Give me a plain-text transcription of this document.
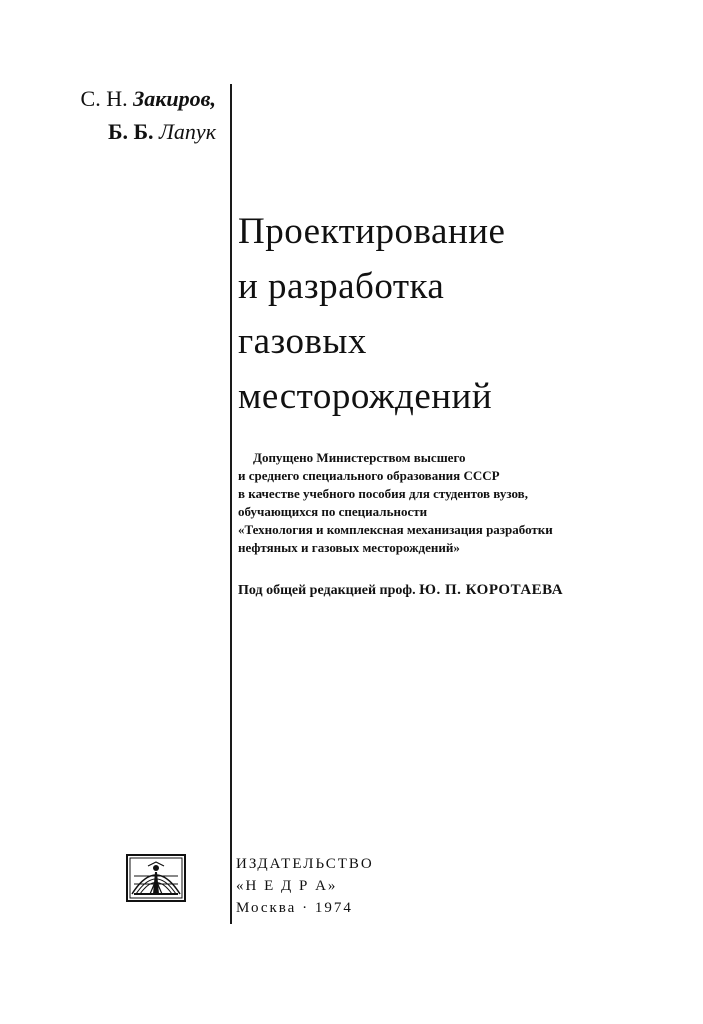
С. Н. Закиров,
Б. Б. Лапук
Проектирование
и разработка
газовых
месторождений
Допущено Министерством высшего
и среднего специального образования СССР
в качестве учебного пособия для студентов вузов,
обучающихся по специальности
«Технология и комплексная механизация разработки
нефтяных и газовых месторождений»
Под общей редакцией проф. Ю. П. КОРОТАЕВА
ИЗДАТЕЛЬСТВО
«Н Е Д Р А»
Москва · 1974
